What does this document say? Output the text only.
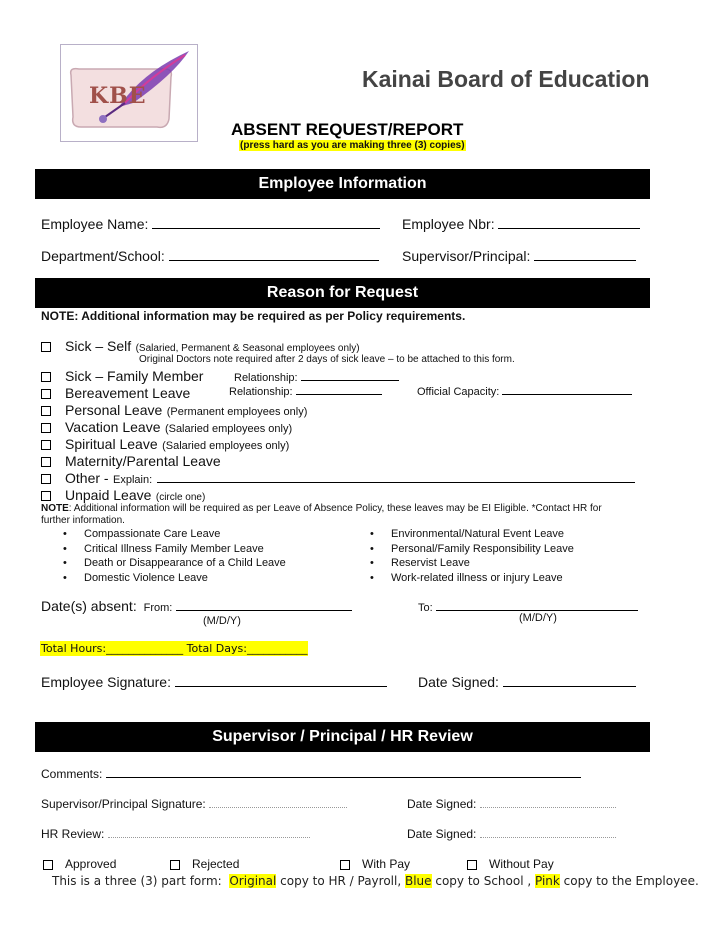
KBE
Kainai Board of Education
ABSENT REQUEST/REPORT
(press hard as you are making three (3) copies)
Employee Information
Employee Name:	Employee Nbr:
Department/School:	Supervisor/Principal:
Reason for Request
NOTE: Additional information may be required as per Policy requirements.
Sick – Self (Salaried, Permanent & Seasonal employees only)
Original Doctors note required after 2 days of sick leave – to be attached to this form.
Sick – Family Member	Relationship:
Bereavement Leave	Relationship:	Official Capacity:
Personal Leave (Permanent employees only)
Vacation Leave (Salaried employees only)
Spiritual Leave (Salaried employees only)
Maternity/Parental Leave
Other - Explain:
Unpaid Leave (circle one)
NOTE: Additional information will be required as per Leave of Absence Policy, these leaves may be EI Eligible. *Contact HR for
further information.
• Compassionate Care Leave
• Critical Illness Family Member Leave
• Death or Disappearance of a Child Leave
• Domestic Violence Leave
• Environmental/Natural Event Leave
• Personal/Family Responsibility Leave
• Reservist Leave
• Work-related illness or injury Leave
Date(s) absent: From:
(M/D/Y)
To:
(M/D/Y)
Total Hours:______________ Total Days:___________
Employee Signature:	Date Signed:
Supervisor / Principal / HR Review
Comments:
Supervisor/Principal Signature:	Date Signed:
HR Review:	Date Signed:
Approved	Rejected	With Pay	Without Pay
This is a three (3) part form:  Original copy to HR / Payroll, Blue copy to School , Pink copy to the Employee.
